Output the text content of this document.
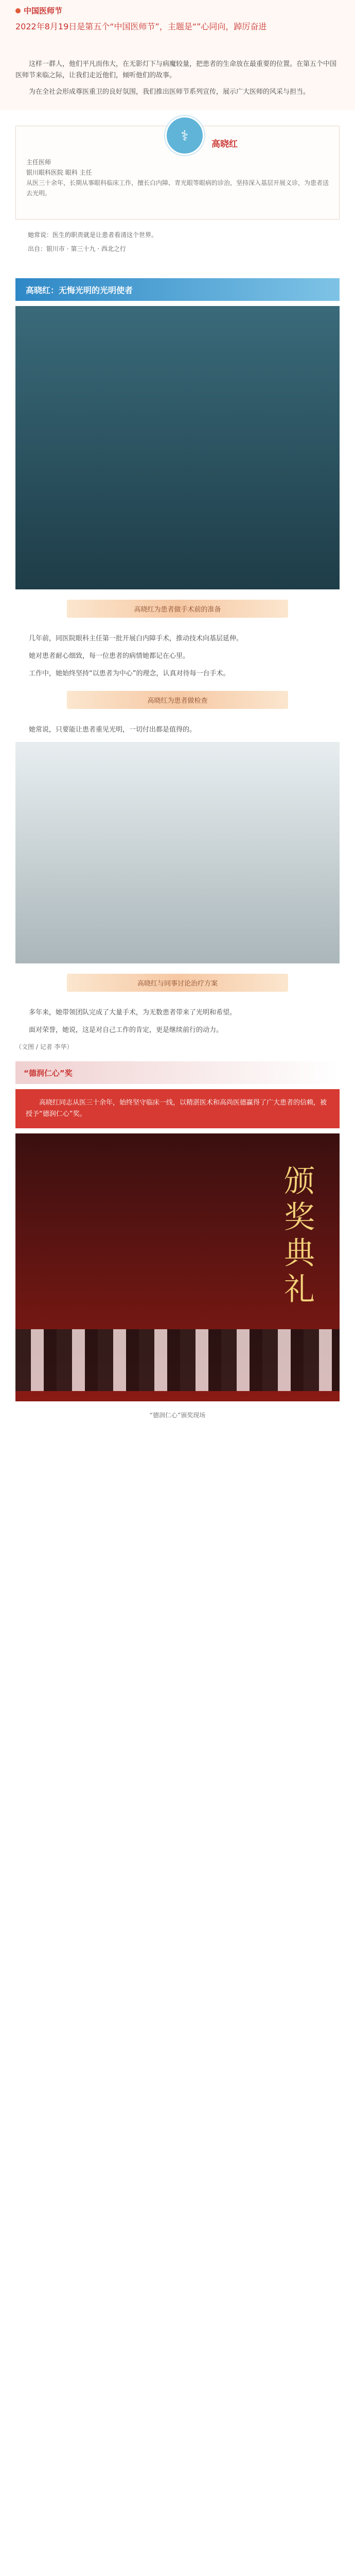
中国医师节
2022年8月19日是第五个“中国医师节”，主题是“”心同向，踔厉奋进

这样一群人，他们平凡而伟大，在无影灯下与病魔较量，把患者的生命放在最重要的位置。在第五个中国医师节来临之际，让我们走近他们，倾听他们的故事。

为在全社会形成尊医重卫的良好氛围，我们推出医师节系列宣传，展示广大医师的风采与担当。

⚕
高晓红
主任医师
银川眼科医院 眼科 主任
从医三十余年，长期从事眼科临床工作，擅长白内障、青光眼等眼病的诊治，坚持深入基层开展义诊，为患者送去光明。

她常说：医生的职责就是让患者看清这个世界。

出自：银川市 · 第三十九 · 西北之行

高晓红：无悔光明的光明使者
高晓红为患者做手术前的准备

几年前，同医院眼科主任第一批开展白内障手术，推动技术向基层延伸。

她对患者耐心细致，每一位患者的病情她都记在心里。

工作中，她始终坚持“以患者为中心”的理念，认真对待每一台手术。

高晓红为患者做检查

她常说，只要能让患者重见光明，一切付出都是值得的。

高晓红与同事讨论治疗方案

多年来，她带领团队完成了大量手术，为无数患者带来了光明和希望。

面对荣誉，她说，这是对自己工作的肯定，更是继续前行的动力。

（文图 / 记者 李华）
“德润仁心”奖

高晓红同志从医三十余年，始终坚守临床一线，以精湛医术和高尚医德赢得了广大患者的信赖，被授予“德润仁心”奖。

颁奖典礼
“德润仁心”颁奖现场
